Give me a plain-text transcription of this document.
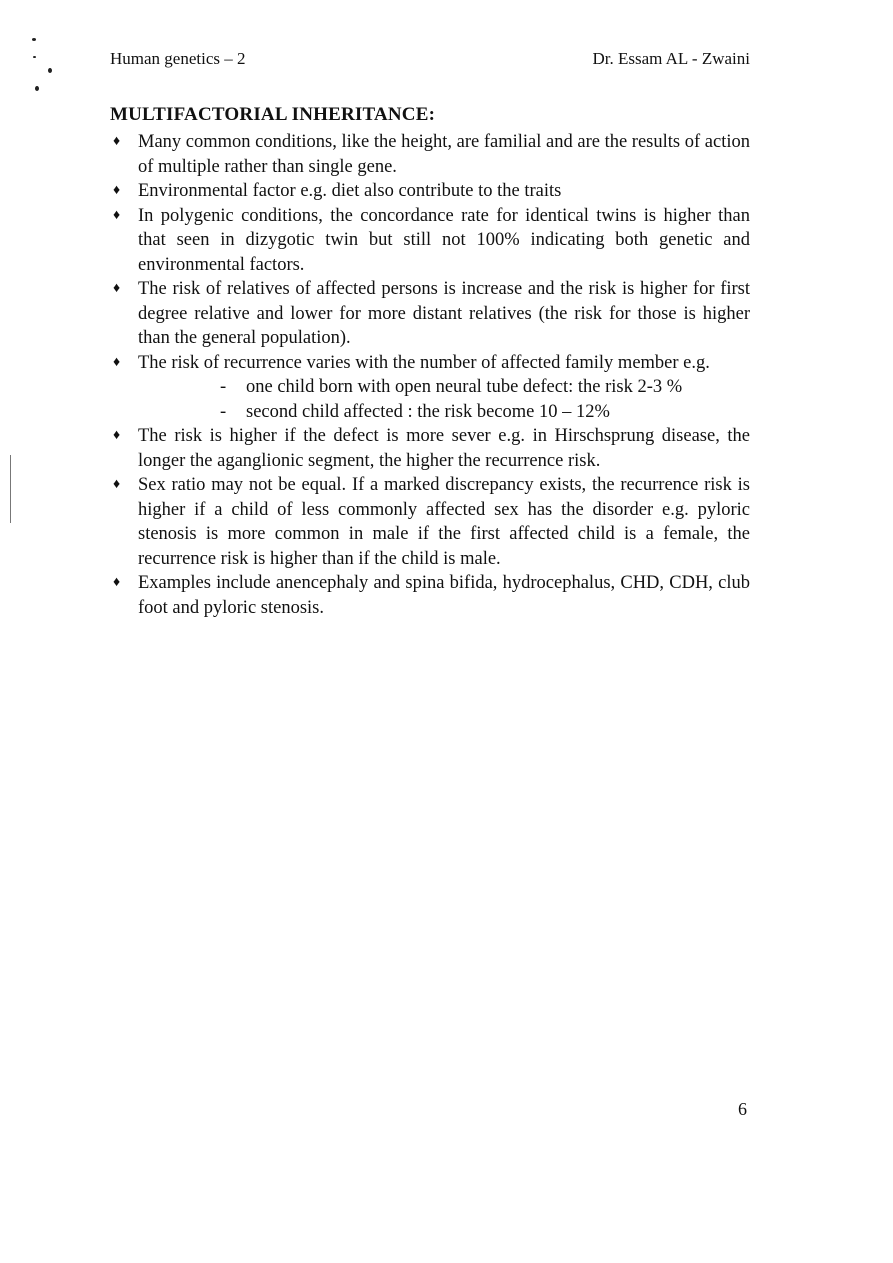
Human genetics – 2	Dr. Essam AL - Zwaini
MULTIFACTORIAL INHERITANCE:
♦ Many common conditions, like the height, are familial and are the results of action of multiple rather than single gene.
♦ Environmental factor e.g. diet also contribute to the traits
♦ In polygenic conditions, the concordance rate for identical twins is higher than that seen in dizygotic twin but still not 100% indicating both genetic and environmental factors.
♦ The risk of relatives of affected persons is increase and the risk is higher for first degree relative and lower for more distant relatives (the risk for those is higher than the general population).
♦ The risk of recurrence varies with the number of affected family member e.g.
- one child born with open neural tube defect: the risk 2-3 %
- second child affected : the risk become 10 – 12%
♦ The risk is higher if the defect is more sever e.g. in Hirschsprung disease, the longer the aganglionic segment, the higher the recurrence risk.
♦ Sex ratio may not be equal. If a marked discrepancy exists, the recurrence risk is higher if a child of less commonly affected sex has the disorder e.g. pyloric stenosis is more common in male if the first affected child is a female, the recurrence risk is higher than if the child is male.
♦ Examples include anencephaly and spina bifida, hydrocephalus, CHD, CDH, club foot and pyloric stenosis.
6
